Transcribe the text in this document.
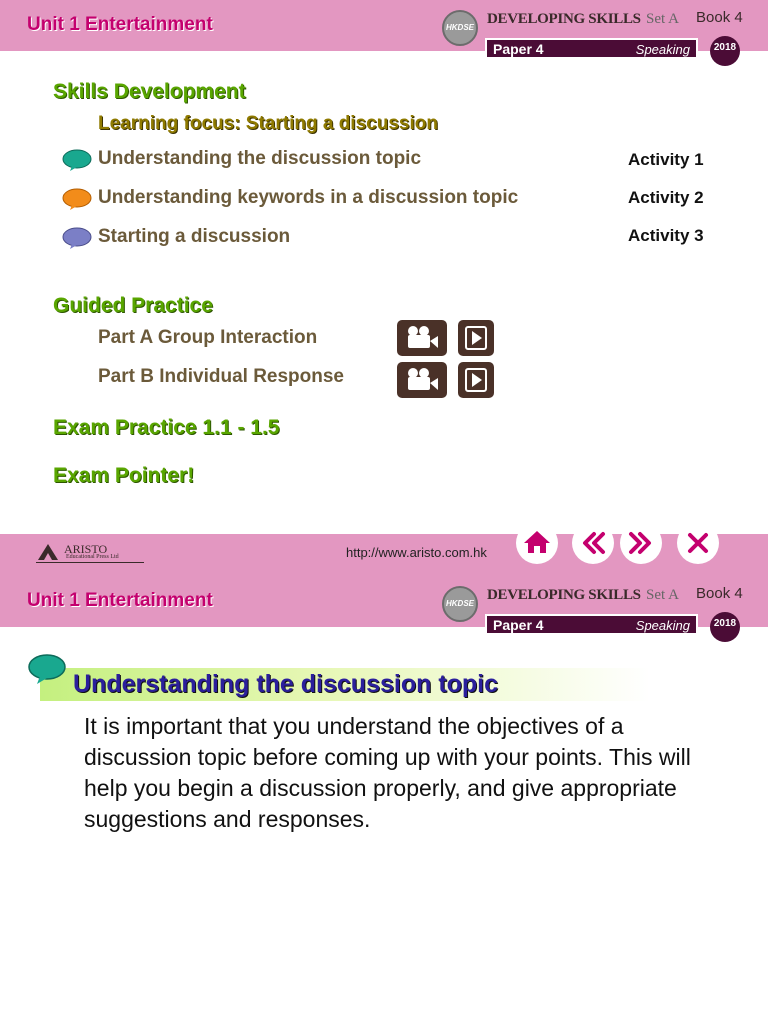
Unit 1 Entertainment	HKDSE
DEVELOPING SKILLS Set A Book 4
Paper 4	Speaking	2018
Skills Development
Learning focus: Starting a discussion
Understanding the discussion topic	Activity 1
Understanding keywords in a discussion topic	Activity 2
Starting a discussion	Activity 3
Guided Practice
Part A Group Interaction
Part B Individual Response
Exam Practice 1.1 - 1.5
Exam Pointer!
ARISTO
Educational Press Ltd	http://www.aristo.com.hk
Unit 1 Entertainment	HKDSE
DEVELOPING SKILLS Set A Book 4
Paper 4	Speaking	2018
Understanding the discussion topic
It is important that you understand the objectives of a discussion topic before coming up with your points. This will help you begin a discussion properly, and give appropriate suggestions and responses.
